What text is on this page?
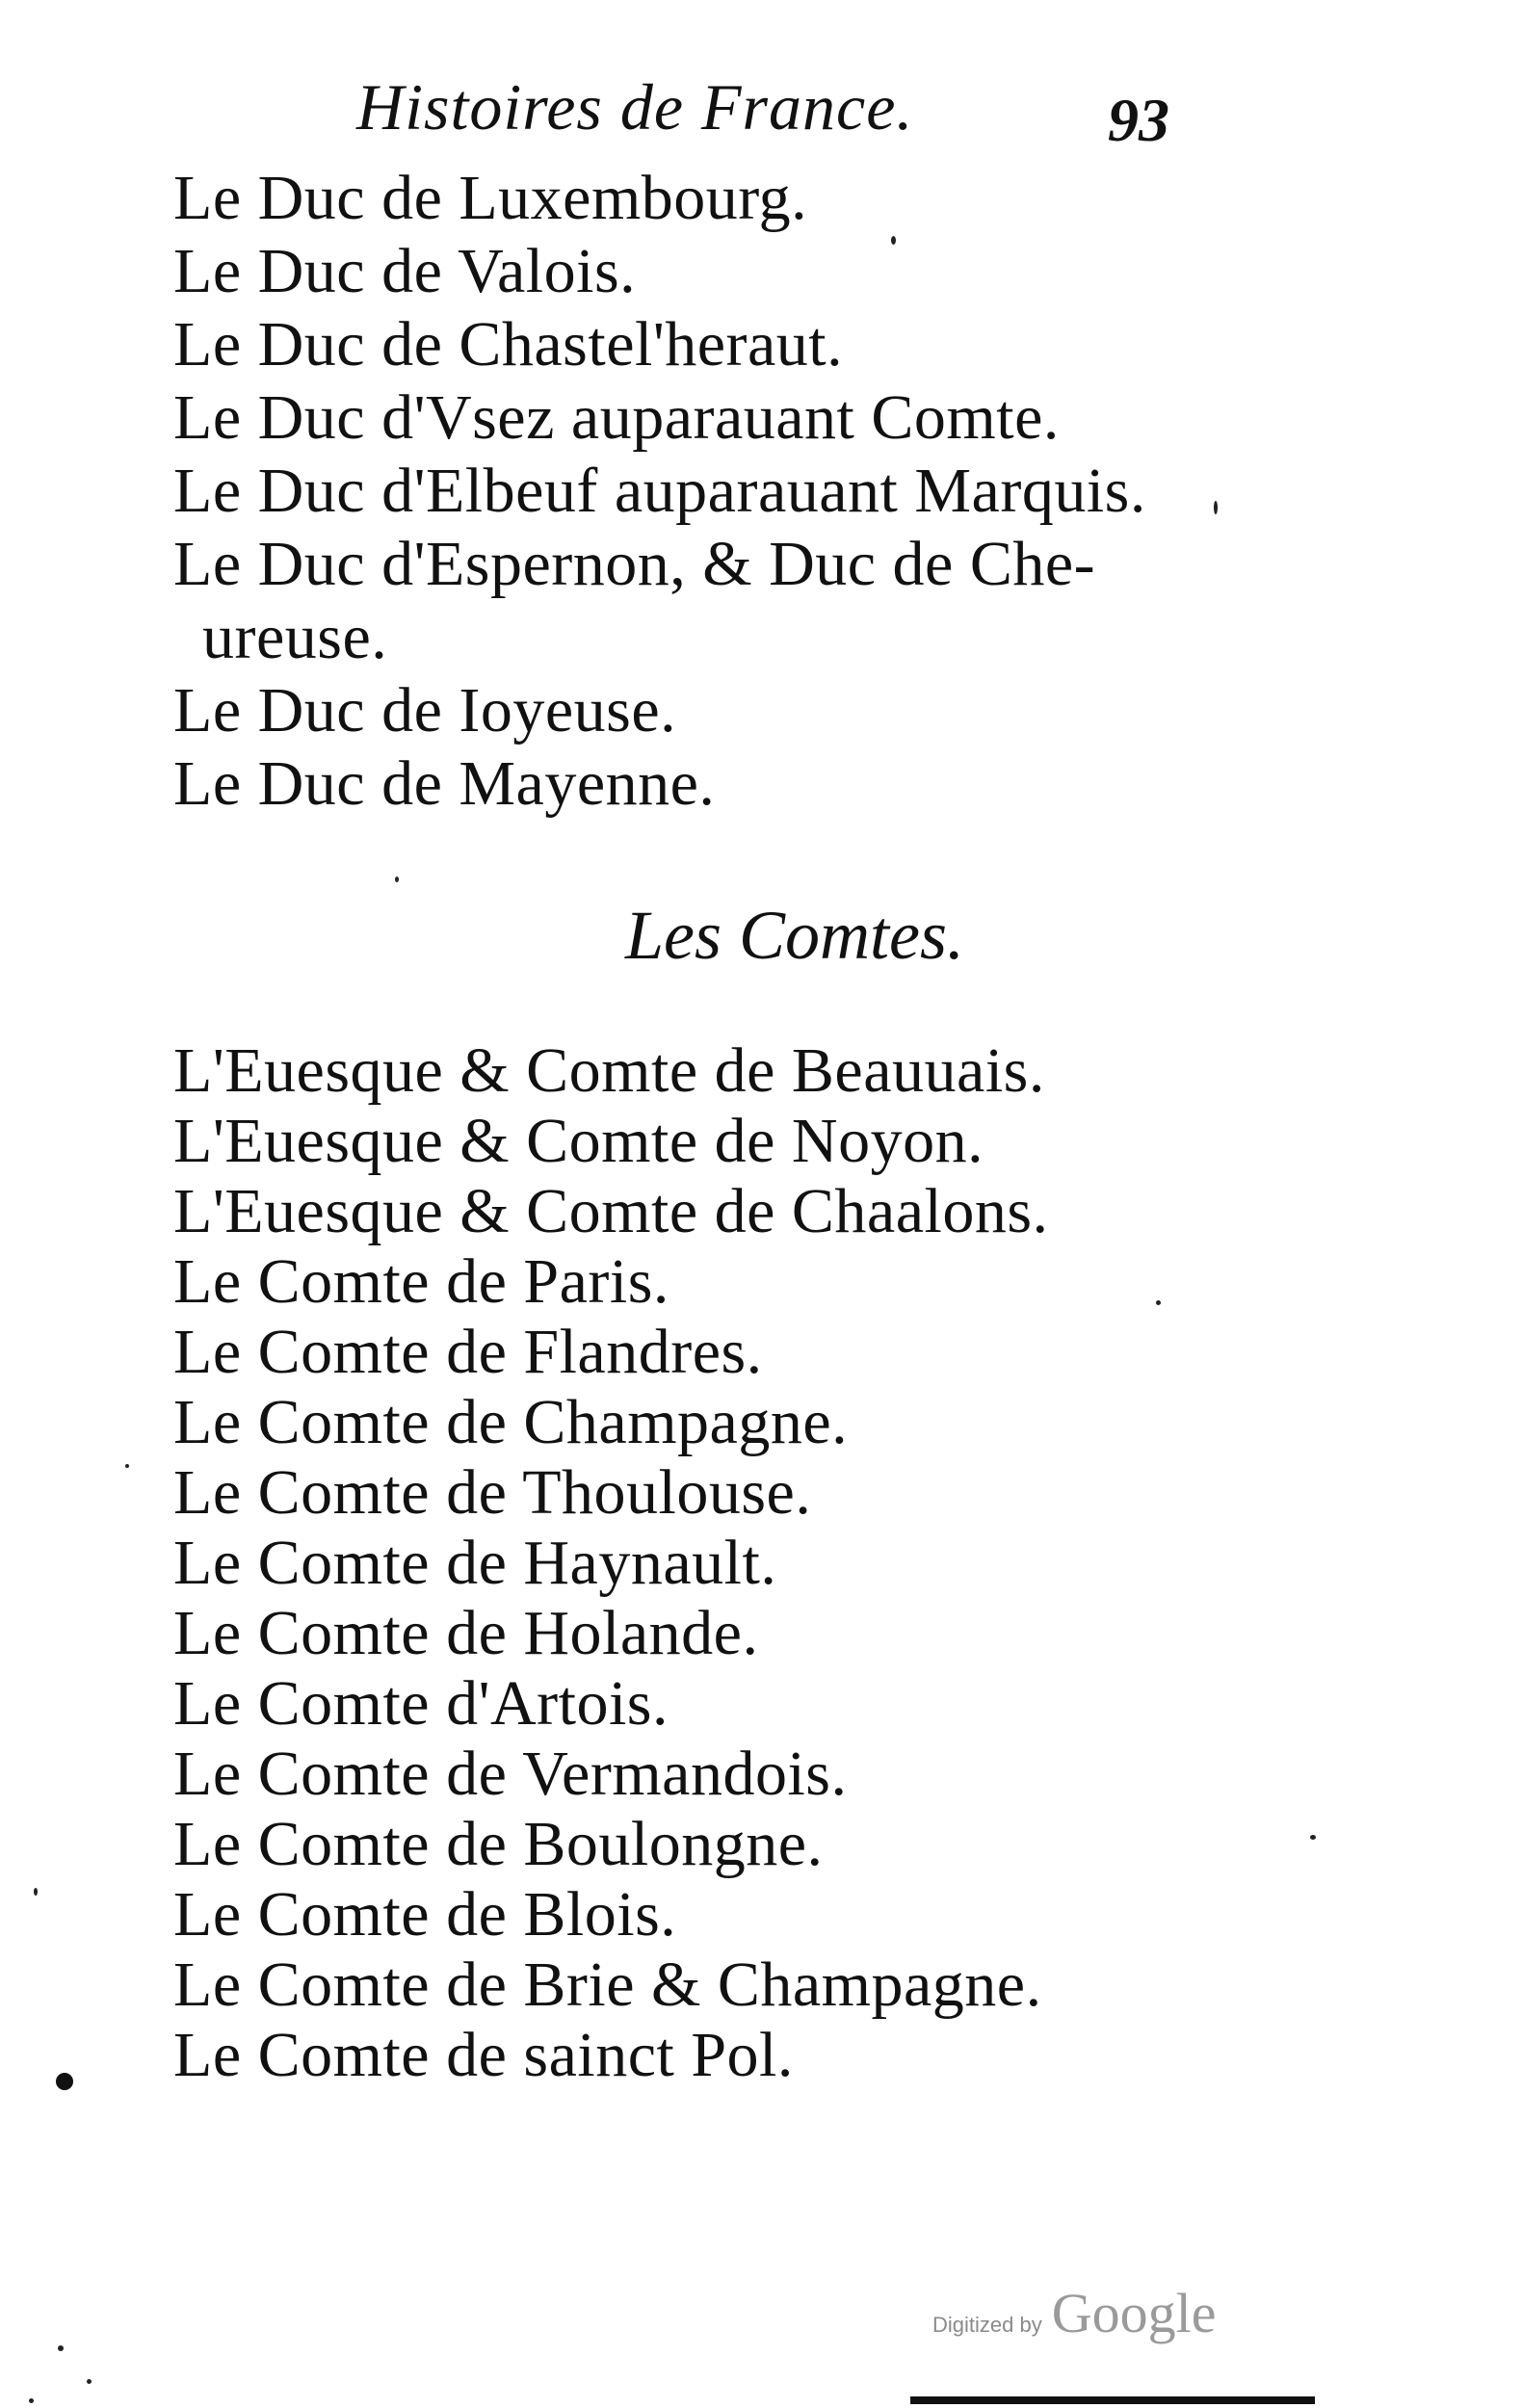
Histoires de France.	93
Le Duc de Luxembourg.
Le Duc de Valois.
Le Duc de Chastel'heraut.
Le Duc d'Vsez auparauant Comte.
Le Duc d'Elbeuf auparauant Marquis.
Le Duc d'Espernon, & Duc de Che-
ureuse.
Le Duc de Ioyeuse.
Le Duc de Mayenne.
Les Comtes.
L'Euesque & Comte de Beauuais.
L'Euesque & Comte de Noyon.
L'Euesque & Comte de Chaalons.
Le Comte de Paris.
Le Comte de Flandres.
Le Comte de Champagne.
Le Comte de Thoulouse.
Le Comte de Haynault.
Le Comte de Holande.
Le Comte d'Artois.
Le Comte de Vermandois.
Le Comte de Boulongne.
Le Comte de Blois.
Le Comte de Brie & Champagne.
Le Comte de sainct Pol.
Digitized by Google
